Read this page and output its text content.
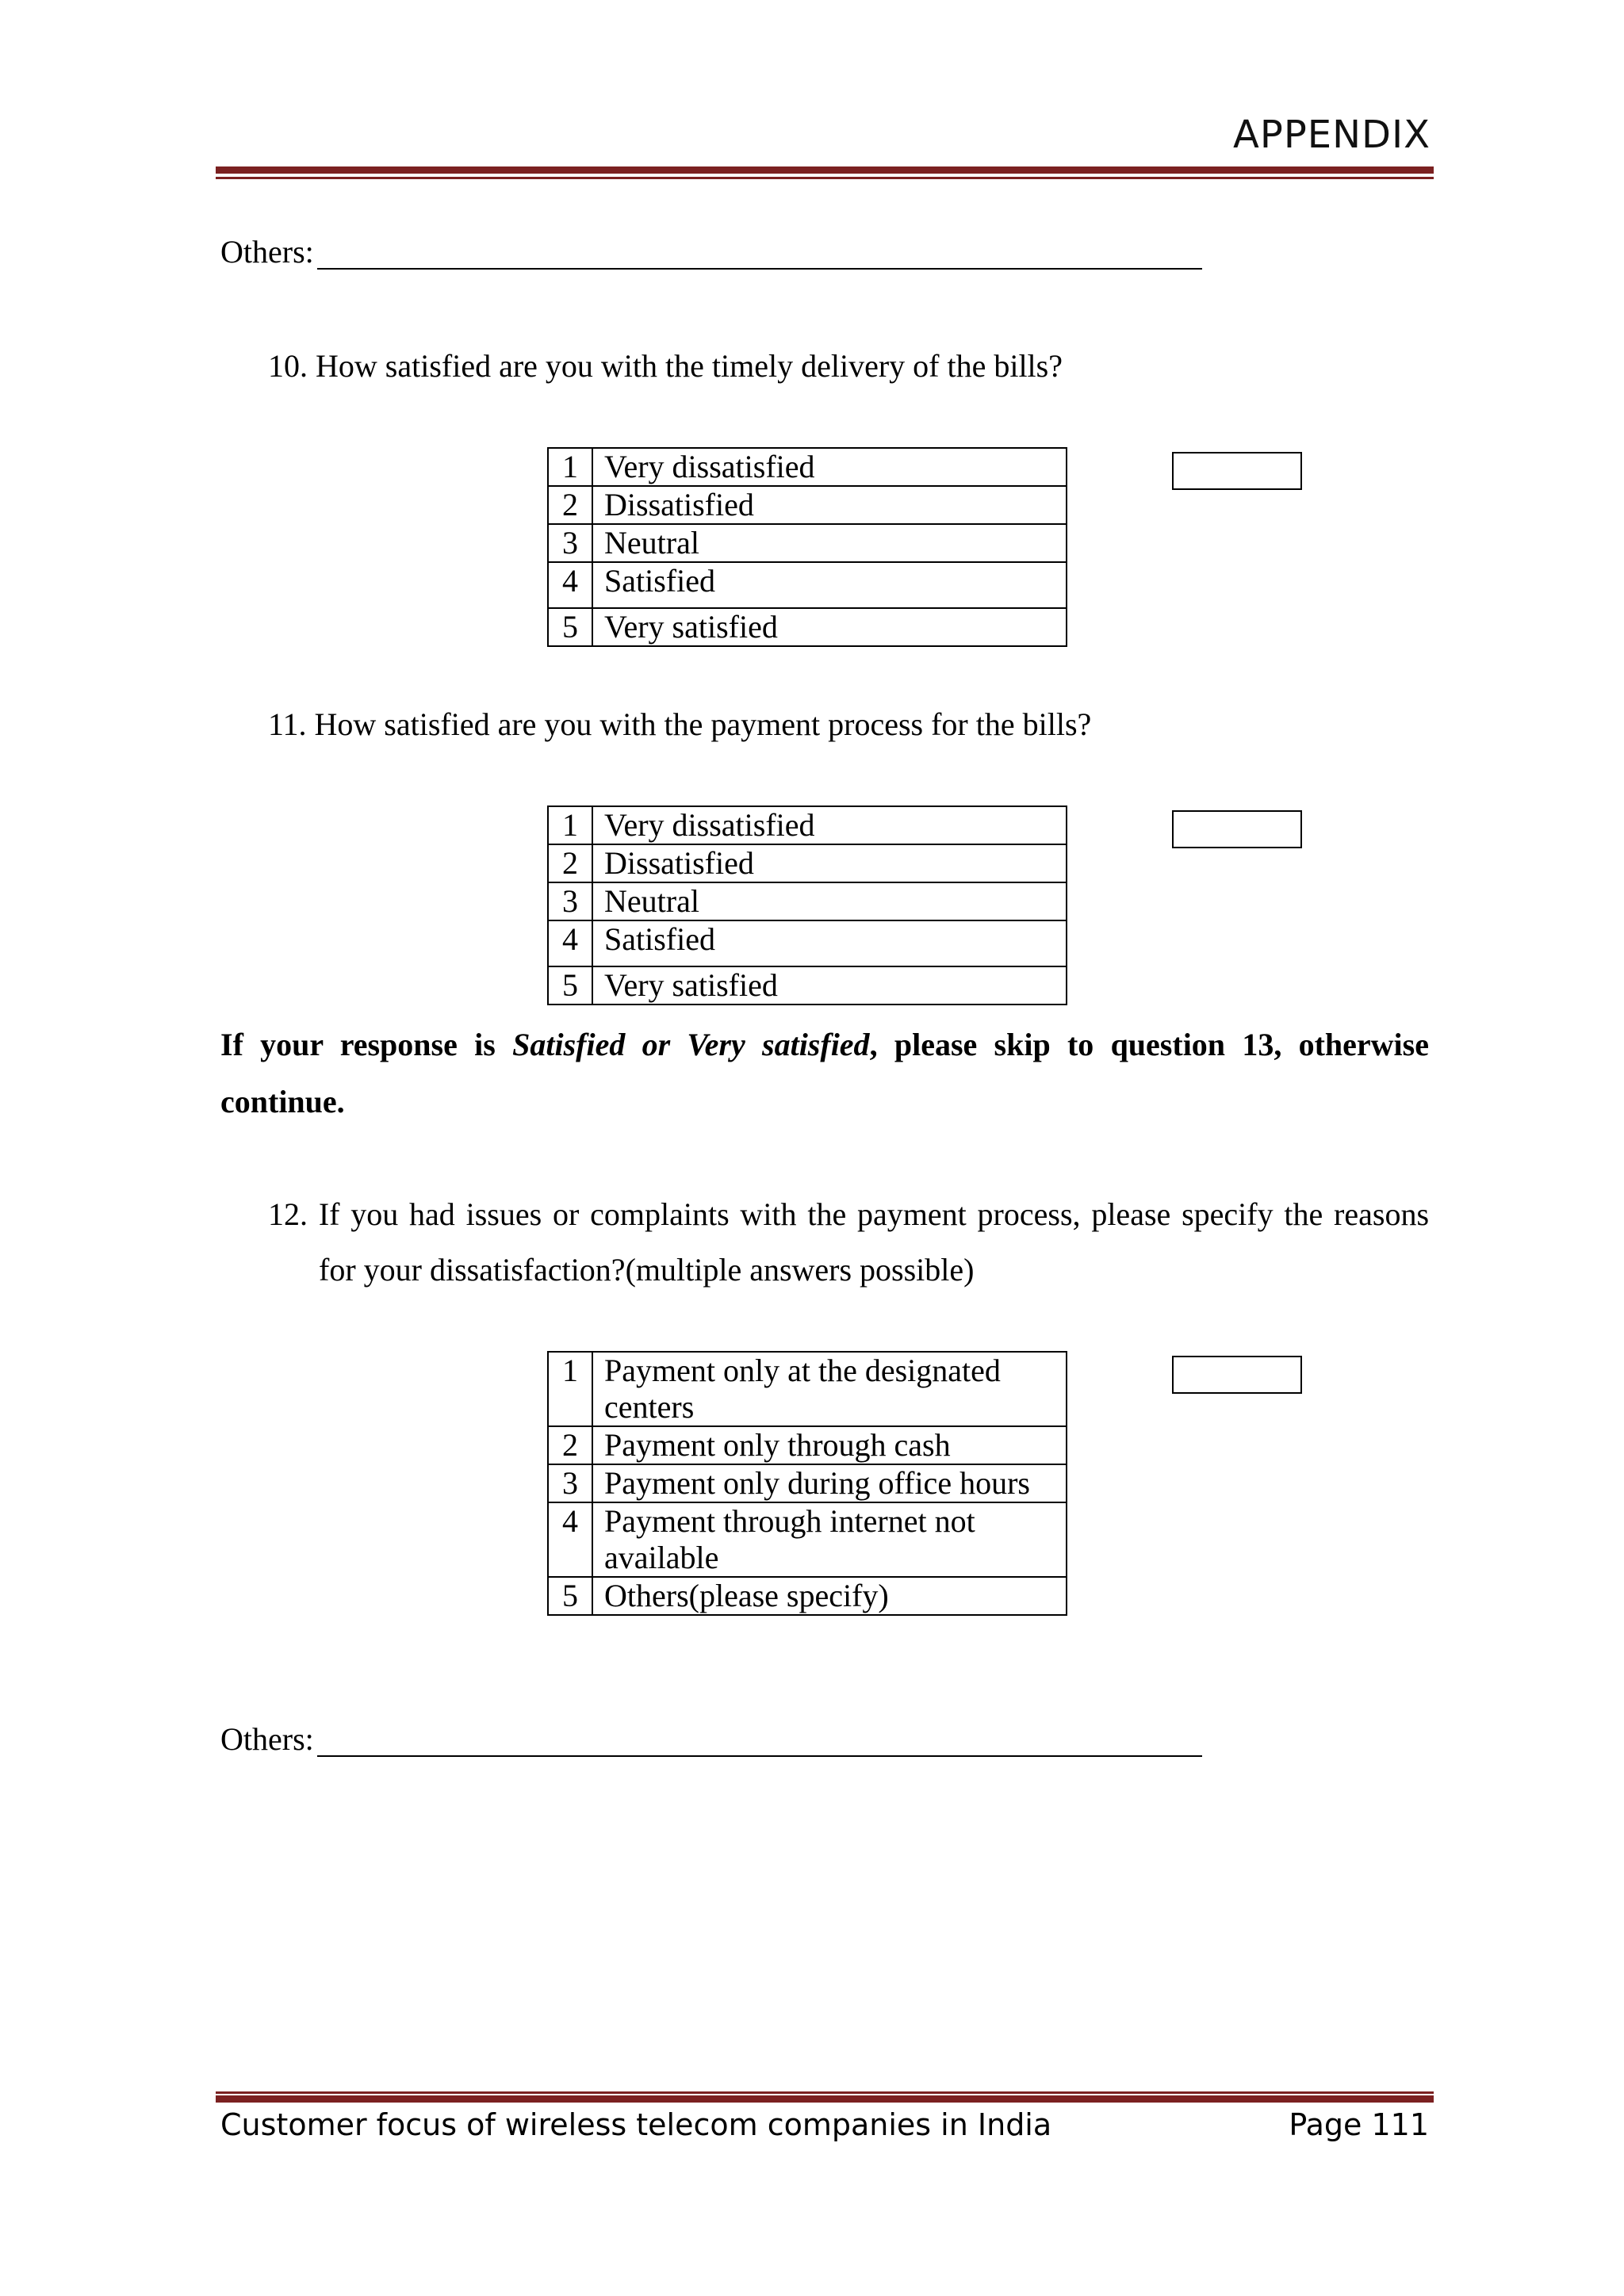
APPENDIX
Others:
10. How satisfied are you with the timely delivery of the bills?
1	Very dissatisfied
2	Dissatisfied
3	Neutral
4	Satisfied
5	Very satisfied
11. How satisfied are you with the payment process for the bills?
1	Very dissatisfied
2	Dissatisfied
3	Neutral
4	Satisfied
5	Very satisfied
If your response is Satisfied or Very satisfied, please skip to question 13, otherwise continue.
12. If you had issues or complaints with the payment process, please specify the reasons
for your dissatisfaction?(multiple answers possible)
1	Payment only at the designated centers
2	Payment only through cash
3	Payment only during office hours
4	Payment through internet not available
5	Others(please specify)
Others:
Customer focus of wireless telecom companies in India	Page 111
